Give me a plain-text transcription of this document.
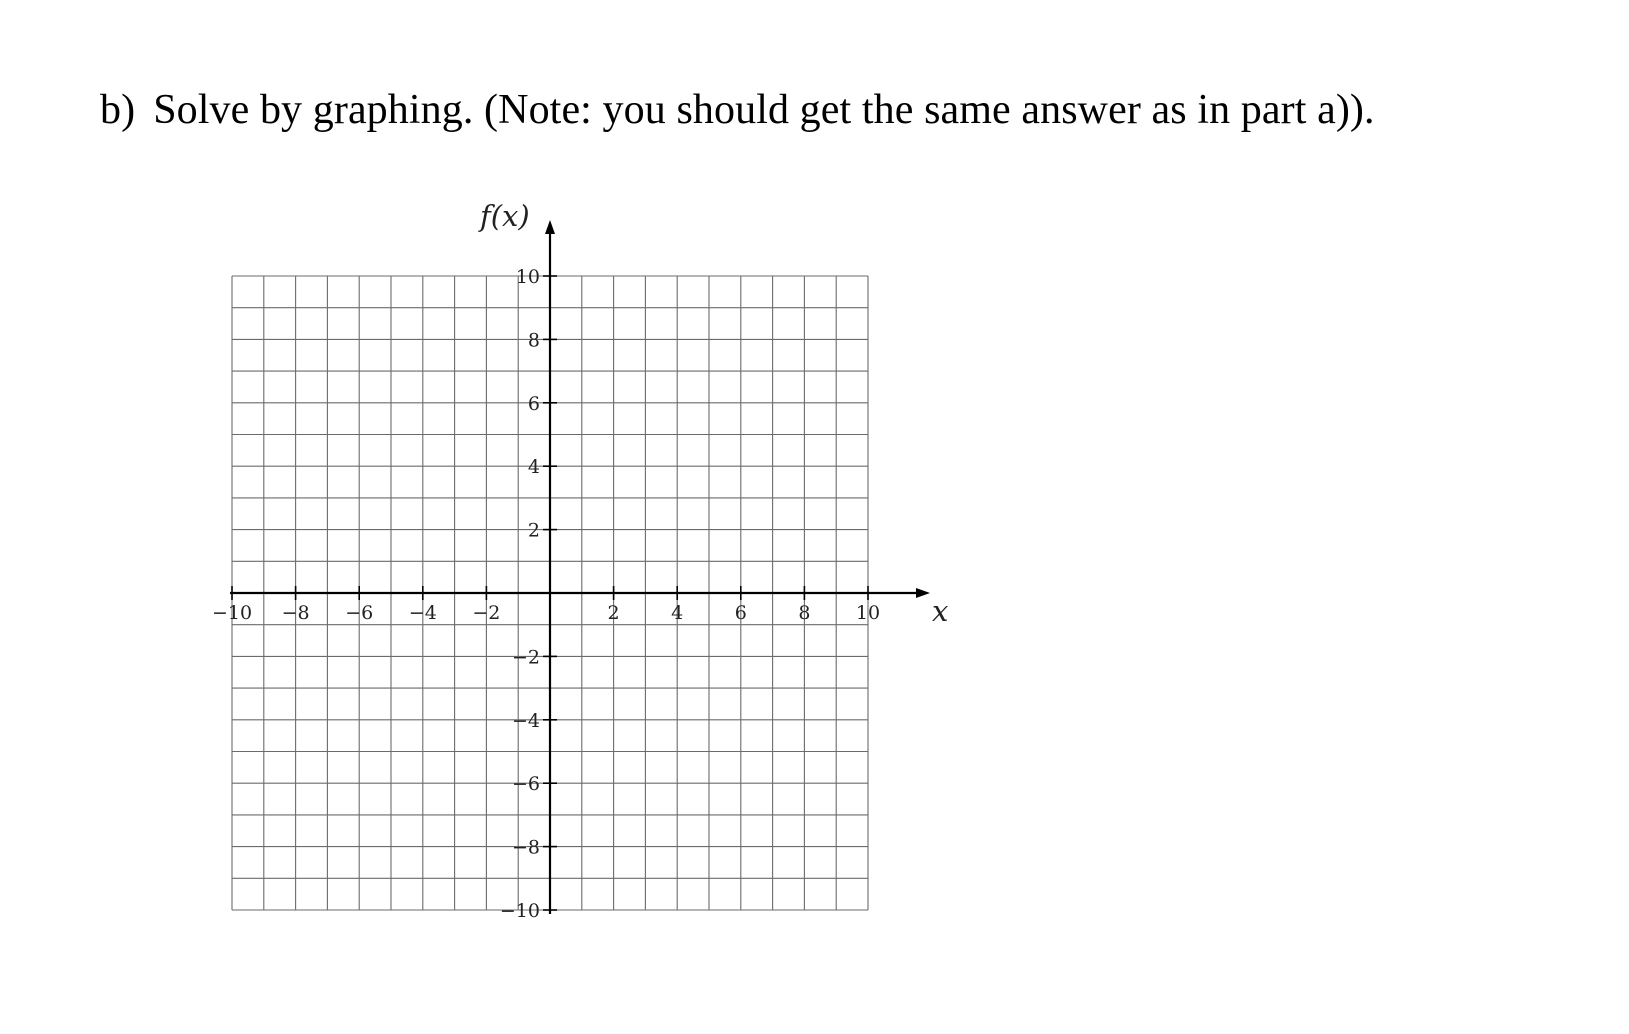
b) Solve by graphing. (Note: you should get the same answer as in part a)).
−10 −8 −6 −4 −2	2	4	6	8 10
10
8
6
4
2
−2
−4
−6
−8
−10
x
f(x)
